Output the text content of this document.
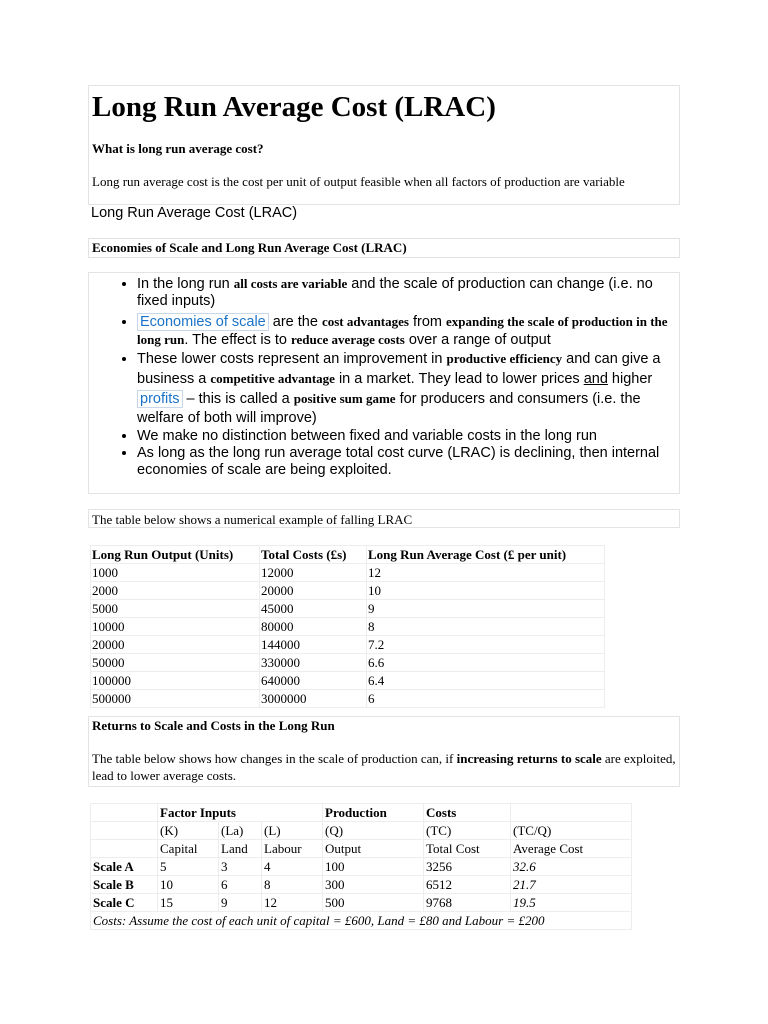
Long Run Average Cost (LRAC)

What is long run average cost?

Long run average cost is the cost per unit of output feasible when all factors of production are variable

Long Run Average Cost (LRAC)
Economies of Scale and Long Run Average Cost (LRAC)
• In the long run all costs are variable and the scale of production can change (i.e. no fixed inputs)
• Economies of scale are the cost advantages from expanding the scale of production in the long run. The effect is to reduce average costs over a range of output
• These lower costs represent an improvement in productive efficiency and can give a business a competitive advantage in a market. They lead to lower prices and higher profits – this is called a positive sum game for producers and consumers (i.e. the welfare of both will improve)
• We make no distinction between fixed and variable costs in the long run
• As long as the long run average total cost curve (LRAC) is declining, then internal economies of scale are being exploited.
The table below shows a numerical example of falling LRAC
Long Run Output (Units)	Total Costs (£s)	Long Run Average Cost (£ per unit)
1000	12000	12
2000	20000	10
5000	45000	9
10000	80000	8
20000	144000	7.2
50000	330000	6.6
100000	640000	6.4
500000	3000000	6
Returns to Scale and Costs in the Long Run

The table below shows how changes in the scale of production can, if increasing returns to scale are exploited, lead to lower average costs.

	Factor Inputs			Production	Costs	
	(K)	(La)	(L)	(Q)	(TC)	(TC/Q)
	Capital	Land	Labour	Output	Total Cost	Average Cost
Scale A	5	3	4	100	3256	32.6
Scale B	10	6	8	300	6512	21.7
Scale C	15	9	12	500	9768	19.5
Costs: Assume the cost of each unit of capital = £600, Land = £80 and Labour = £200						
